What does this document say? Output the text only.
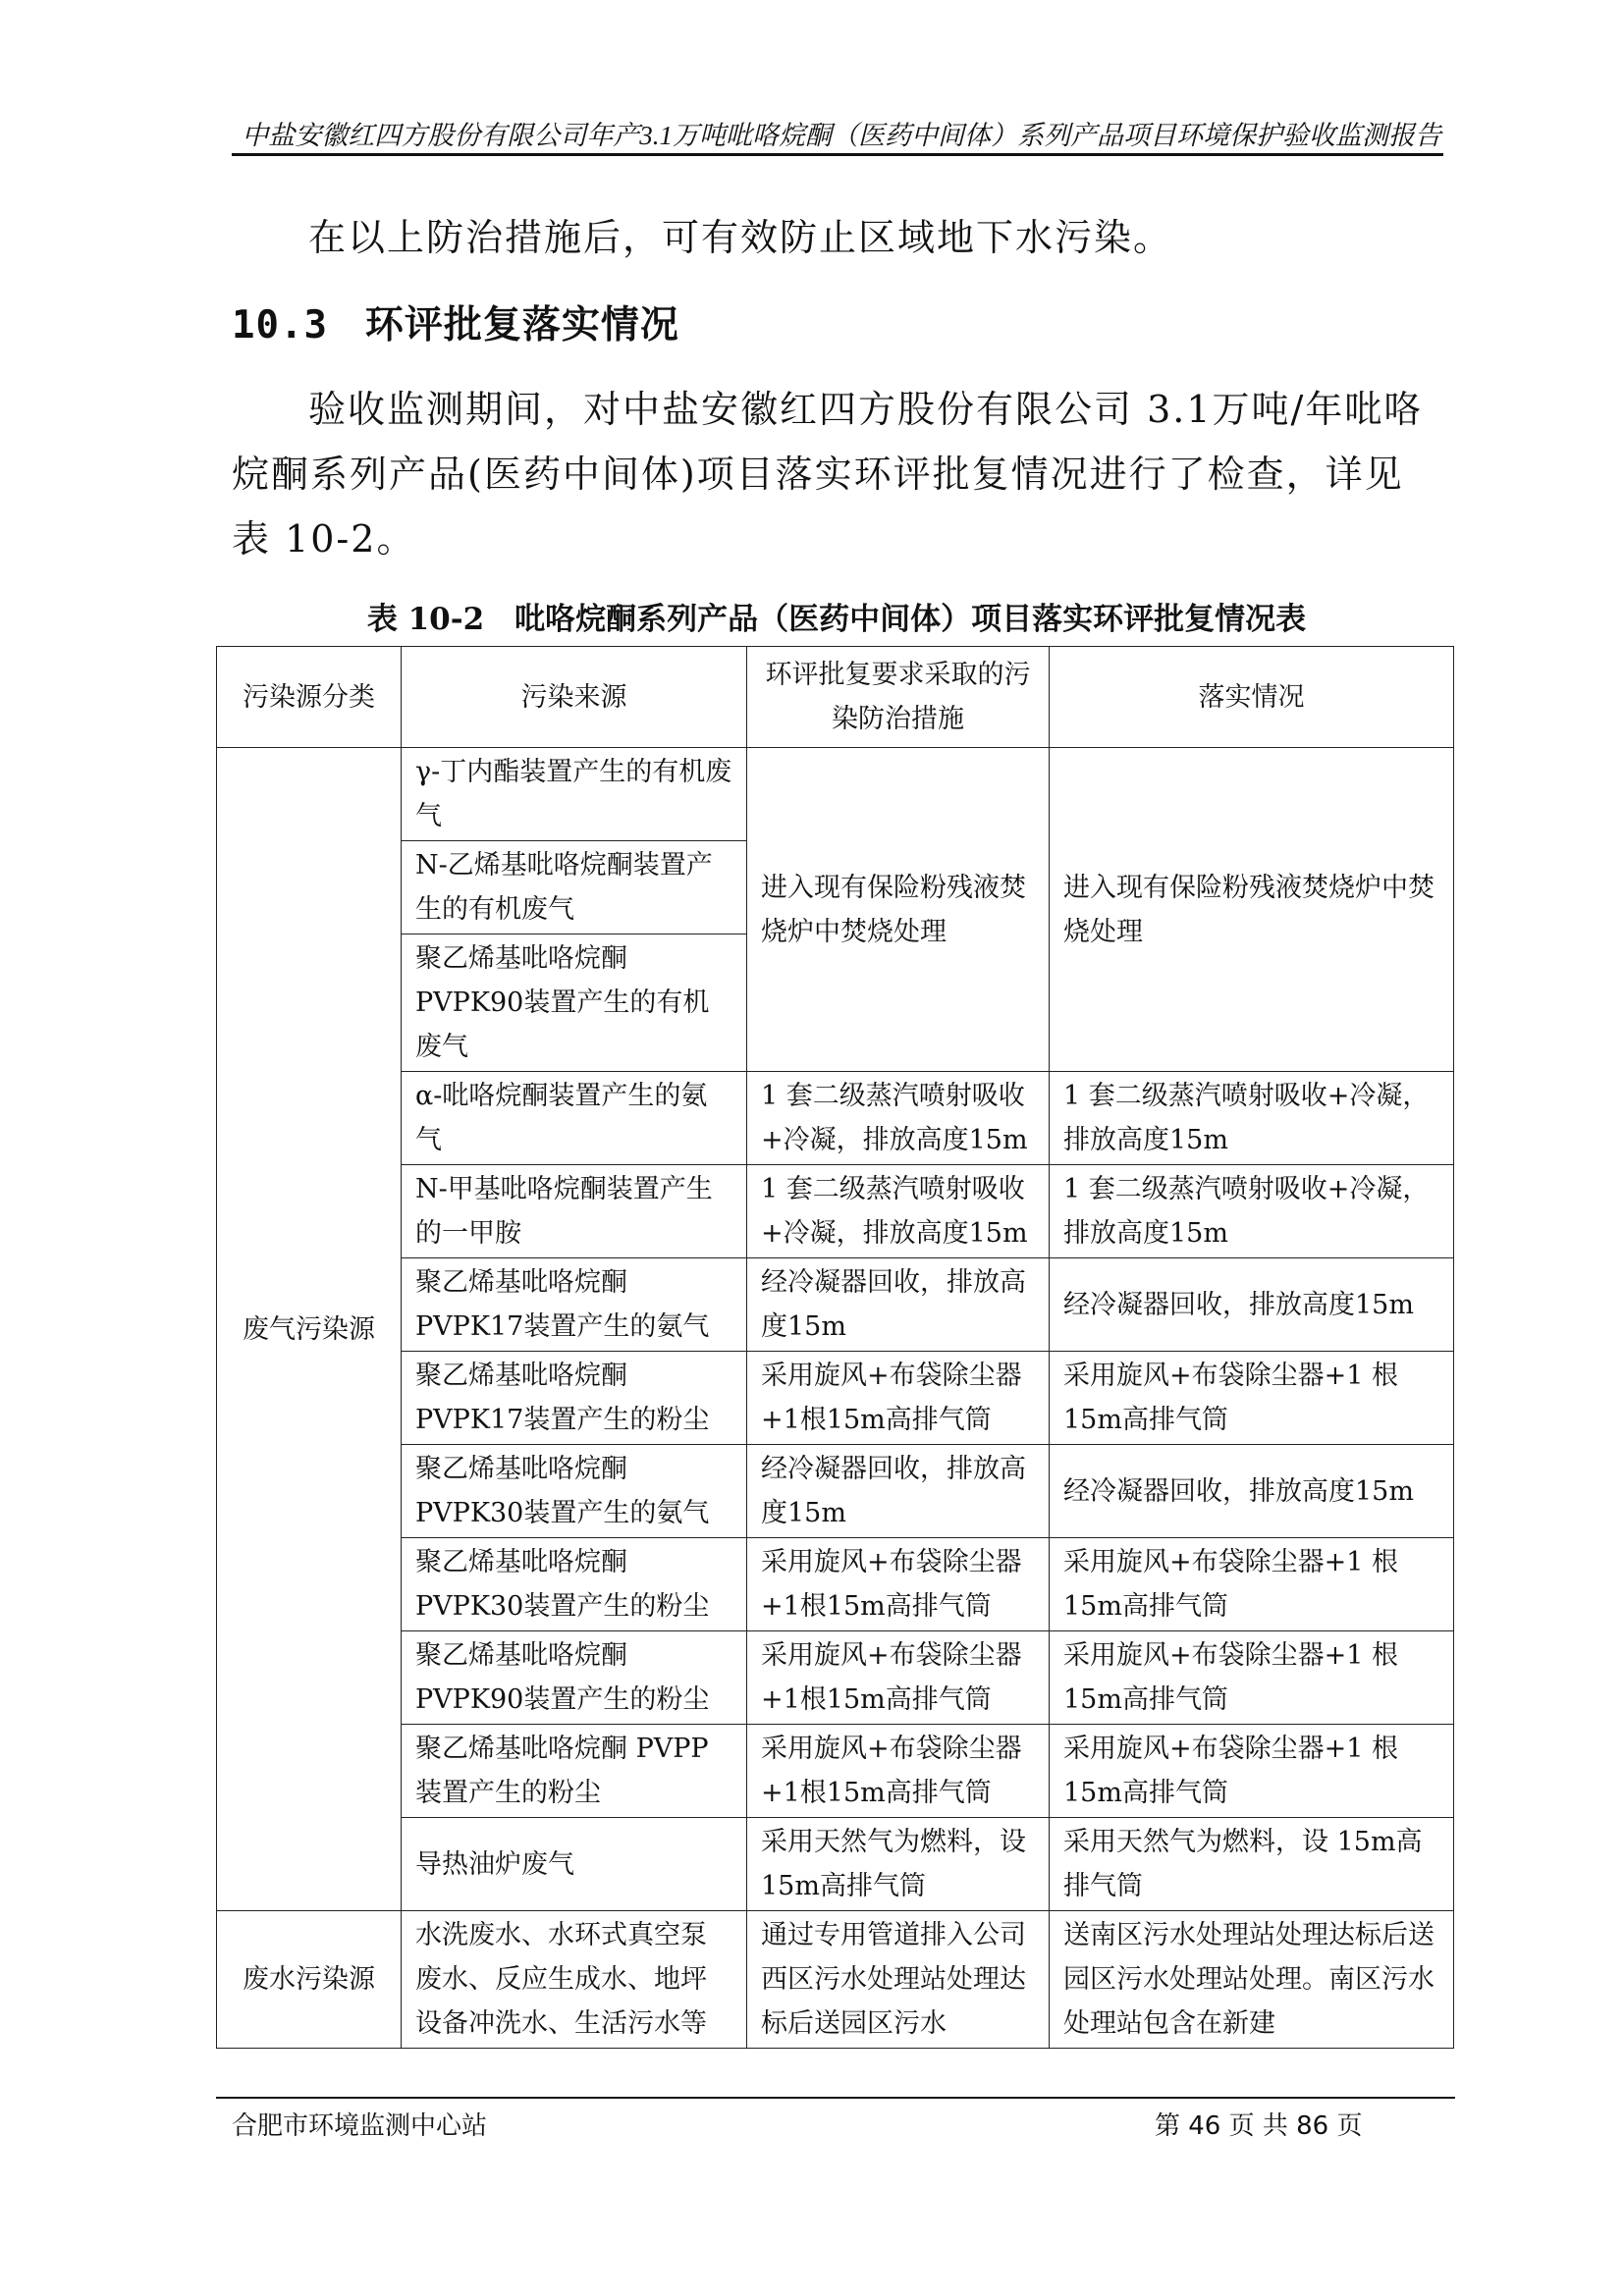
中盐安徽红四方股份有限公司年产3.1万吨吡咯烷酮（医药中间体）系列产品项目环境保护验收监测报告
在以上防治措施后，可有效防止区域地下水污染。
10.3 环评批复落实情况
验收监测期间，对中盐安徽红四方股份有限公司 3.1万吨/年吡咯烷酮系列产品(医药中间体)项目落实环评批复情况进行了检查，详见表 10-2。
表 10-2　吡咯烷酮系列产品（医药中间体）项目落实环评批复情况表
污染源分类	污染来源	环评批复要求采取的污染防治措施	落实情况
废气污染源	γ-丁内酯装置产生的有机废气	进入现有保险粉残液焚烧炉中焚烧处理	进入现有保险粉残液焚烧炉中焚烧处理
	N-乙烯基吡咯烷酮装置产生的有机废气		
	聚乙烯基吡咯烷酮PVPK90装置产生的有机废气		
	α-吡咯烷酮装置产生的氨气	1 套二级蒸汽喷射吸收+冷凝，排放高度15m	1 套二级蒸汽喷射吸收+冷凝，排放高度15m
	N-甲基吡咯烷酮装置产生的一甲胺	1 套二级蒸汽喷射吸收+冷凝，排放高度15m	1 套二级蒸汽喷射吸收+冷凝，排放高度15m
	聚乙烯基吡咯烷酮PVPK17装置产生的氨气	经冷凝器回收，排放高度15m	经冷凝器回收，排放高度15m
	聚乙烯基吡咯烷酮PVPK17装置产生的粉尘	采用旋风+布袋除尘器+1根15m高排气筒	采用旋风+布袋除尘器+1 根15m高排气筒
	聚乙烯基吡咯烷酮PVPK30装置产生的氨气	经冷凝器回收，排放高度15m	经冷凝器回收，排放高度15m
	聚乙烯基吡咯烷酮PVPK30装置产生的粉尘	采用旋风+布袋除尘器+1根15m高排气筒	采用旋风+布袋除尘器+1 根15m高排气筒
	聚乙烯基吡咯烷酮PVPK90装置产生的粉尘	采用旋风+布袋除尘器+1根15m高排气筒	采用旋风+布袋除尘器+1 根15m高排气筒
	聚乙烯基吡咯烷酮 PVPP装置产生的粉尘	采用旋风+布袋除尘器+1根15m高排气筒	采用旋风+布袋除尘器+1 根15m高排气筒
	导热油炉废气	采用天然气为燃料，设15m高排气筒	采用天然气为燃料，设 15m高排气筒
废水污染源	水洗废水、水环式真空泵废水、反应生成水、地坪设备冲洗水、生活污水等	通过专用管道排入公司西区污水处理站处理达标后送园区污水	送南区污水处理站处理达标后送园区污水处理站处理。南区污水处理站包含在新建
合肥市环境监测中心站	第 46 页 共 86 页
